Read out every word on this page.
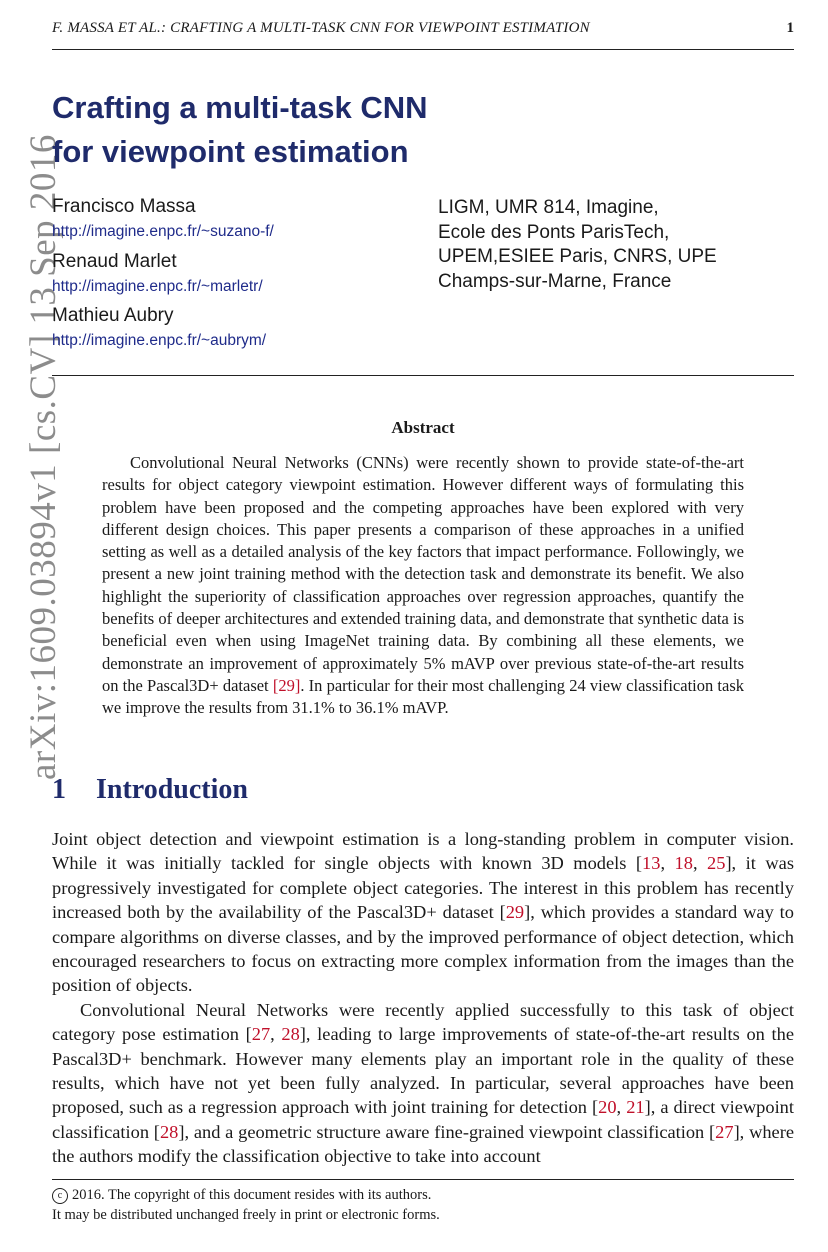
F. MASSA ET AL.: CRAFTING A MULTI-TASK CNN FOR VIEWPOINT ESTIMATION	1
arXiv:1609.03894v1 [cs.CV] 13 Sep 2016
Crafting a multi-task CNN
for viewpoint estimation
Francisco Massa
http://imagine.enpc.fr/~suzano-f/
Renaud Marlet
http://imagine.enpc.fr/~marletr/
Mathieu Aubry
http://imagine.enpc.fr/~aubrym/
LIGM, UMR 814, Imagine,
Ecole des Ponts ParisTech,
UPEM,ESIEE Paris, CNRS, UPE
Champs-sur-Marne, France
Abstract
Convolutional Neural Networks (CNNs) were recently shown to provide state-of-the-art results for object category viewpoint estimation. However different ways of formulating this problem have been proposed and the competing approaches have been explored with very different design choices. This paper presents a comparison of these approaches in a unified setting as well as a detailed analysis of the key factors that impact performance. Followingly, we present a new joint training method with the detection task and demonstrate its benefit. We also highlight the superiority of classification approaches over regression approaches, quantify the benefits of deeper architectures and extended training data, and demonstrate that synthetic data is beneficial even when using ImageNet training data. By combining all these elements, we demonstrate an improvement of approximately 5% mAVP over previous state-of-the-art results on the Pascal3D+ dataset [29]. In particular for their most challenging 24 view classification task we improve the results from 31.1% to 36.1% mAVP.
1 Introduction

Joint object detection and viewpoint estimation is a long-standing problem in computer vision. While it was initially tackled for single objects with known 3D models [13, 18, 25], it was progressively investigated for complete object categories. The interest in this problem has recently increased both by the availability of the Pascal3D+ dataset [29], which provides a standard way to compare algorithms on diverse classes, and by the improved performance of object detection, which encouraged researchers to focus on extracting more complex information from the images than the position of objects.

Convolutional Neural Networks were recently applied successfully to this task of object category pose estimation [27, 28], leading to large improvements of state-of-the-art results on the Pascal3D+ benchmark. However many elements play an important role in the quality of these results, which have not yet been fully analyzed. In particular, several approaches have been proposed, such as a regression approach with joint training for detection [20, 21], a direct viewpoint classification [28], and a geometric structure aware fine-grained viewpoint classification [27], where the authors modify the classification objective to take into account

c 2016. The copyright of this document resides with its authors.
It may be distributed unchanged freely in print or electronic forms.
